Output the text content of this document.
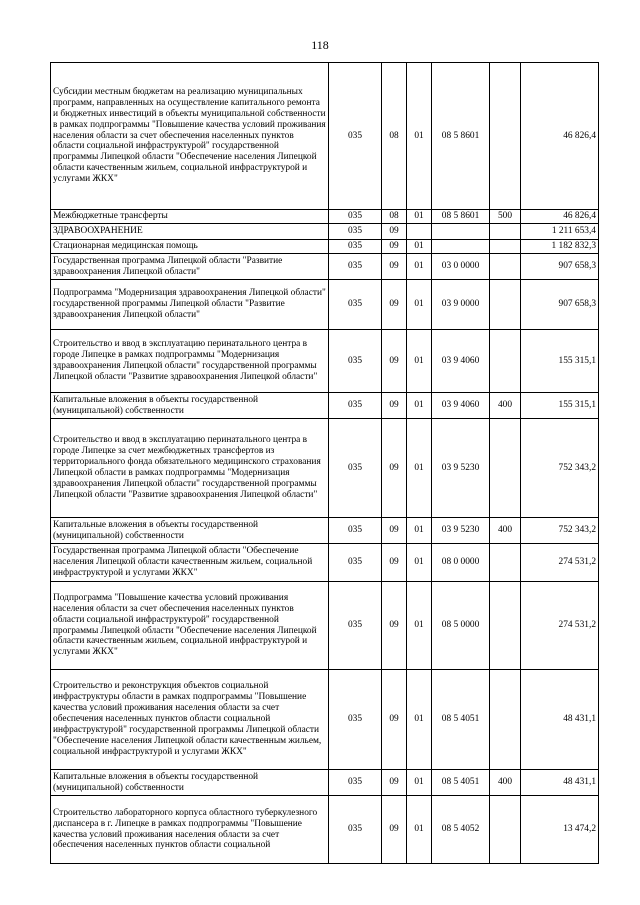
118
Субсидии местным бюджетам на реализацию муниципальных программ, направленных на осуществление капитального ремонта и бюджетных инвестиций в объекты муниципальной собственности в рамках подпрограммы "Повышение качества условий проживания населения области за счет обеспечения населенных пунктов области социальной инфраструктурой" государственной программы Липецкой области "Обеспечение населения Липецкой области качественным жильем, социальной инфраструктурой и услугами ЖКХ"	035	08	01	08 5 8601		46 826,4
Межбюджетные трансферты	035	08	01	08 5 8601	500	46 826,4
ЗДРАВООХРАНЕНИЕ	035	09				1 211 653,4
Стационарная медицинская помощь	035	09	01			1 182 832,3
Государственная программа Липецкой области "Развитие здравоохранения Липецкой области"	035	09	01	03 0 0000		907 658,3
Подпрограмма "Модернизация здравоохранения Липецкой области" государственной программы Липецкой области "Развитие здравоохранения Липецкой области"	035	09	01	03 9 0000		907 658,3
Строительство и ввод в эксплуатацию перинатального центра в городе Липецке в рамках подпрограммы "Модернизация здравоохранения Липецкой области" государственной программы Липецкой области "Развитие здравоохранения Липецкой области"	035	09	01	03 9 4060		155 315,1
Капитальные вложения в объекты государственной (муниципальной) собственности	035	09	01	03 9 4060	400	155 315,1
Строительство и ввод в эксплуатацию перинатального центра в городе Липецке за счет межбюджетных трансфертов из территориального фонда обязательного медицинского страхования Липецкой области в рамках подпрограммы "Модернизация здравоохранения Липецкой области" государственной программы Липецкой области "Развитие здравоохранения Липецкой области"	035	09	01	03 9 5230		752 343,2
Капитальные вложения в объекты государственной (муниципальной) собственности	035	09	01	03 9 5230	400	752 343,2
Государственная программа Липецкой области "Обеспечение населения Липецкой области качественным жильем, социальной инфраструктурой и услугами ЖКХ"	035	09	01	08 0 0000		274 531,2
Подпрограмма "Повышение качества условий проживания населения области за счет обеспечения населенных пунктов области социальной инфраструктурой" государственной программы Липецкой области "Обеспечение населения Липецкой области качественным жильем, социальной инфраструктурой и услугами ЖКХ"	035	09	01	08 5 0000		274 531,2
Строительство и реконструкция объектов социальной инфраструктуры области в рамках подпрограммы "Повышение качества условий проживания населения области за счет обеспечения населенных пунктов области социальной инфраструктурой" государственной программы Липецкой области "Обеспечение населения Липецкой области качественным жильем, социальной инфраструктурой и услугами ЖКХ"	035	09	01	08 5 4051		48 431,1
Капитальные вложения в объекты государственной (муниципальной) собственности	035	09	01	08 5 4051	400	48 431,1
Строительство лабораторного корпуса областного туберкулезного диспансера в г. Липецке в рамках подпрограммы "Повышение качества условий проживания населения области за счет обеспечения населенных пунктов области социальной	035	09	01	08 5 4052		13 474,2
